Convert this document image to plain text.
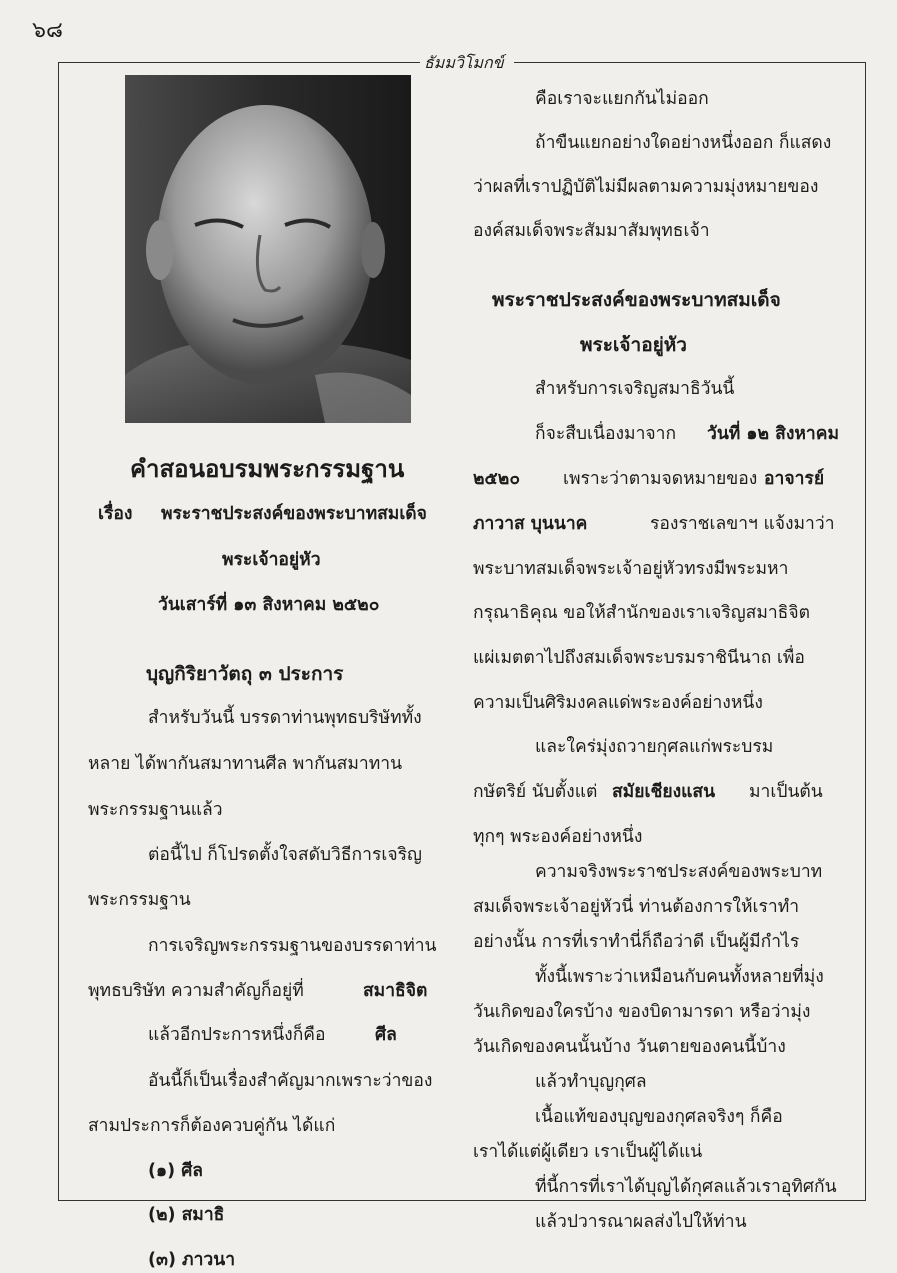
๖๘
ธัมมวิโมกข์
คำสอนอบรมพระกรรมฐาน
เรื่อง พระราชประสงค์ของพระบาทสมเด็จ
พระเจ้าอยู่หัว
วันเสาร์ที่ ๑๓ สิงหาคม ๒๕๒๐
บุญกิริยาวัตถุ ๓ ประการ
สำหรับวันนี้ บรรดาท่านพุทธบริษัททั้ง
หลาย ได้พากันสมาทานศีล พากันสมาทาน
พระกรรมฐานแล้ว
ต่อนี้ไป ก็โปรดตั้งใจสดับวิธีการเจริญ
พระกรรมฐาน
การเจริญพระกรรมฐานของบรรดาท่าน
พุทธบริษัท ความสำคัญก็อยู่ที่	สมาธิจิต
แล้วอีกประการหนึ่งก็คือ	ศีล
อันนี้ก็เป็นเรื่องสำคัญมากเพราะว่าของ
สามประการก็ต้องควบคู่กัน ได้แก่
(๑) ศีล
(๒) สมาธิ
(๓) ภาวนา
คือเราจะแยกกันไม่ออก
ถ้าขืนแยกอย่างใดอย่างหนึ่งออก ก็แสดง
ว่าผลที่เราปฏิบัติไม่มีผลตามความมุ่งหมายของ
องค์สมเด็จพระสัมมาสัมพุทธเจ้า
พระราชประสงค์ของพระบาทสมเด็จ
พระเจ้าอยู่หัว
สำหรับการเจริญสมาธิวันนี้
ก็จะสืบเนื่องมาจาก วันที่ ๑๒ สิงหาคม
๒๕๒๐ เพราะว่าตามจดหมายของ อาจารย์
ภาวาส บุนนาค	รองราชเลขาฯ แจ้งมาว่า
พระบาทสมเด็จพระเจ้าอยู่หัวทรงมีพระมหา
กรุณาธิคุณ ขอให้สำนักของเราเจริญสมาธิจิต
แผ่เมตตาไปถึงสมเด็จพระบรมราชินีนาถ เพื่อ
ความเป็นศิริมงคลแด่พระองค์อย่างหนึ่ง
และใคร่มุ่งถวายกุศลแก่พระบรม
กษัตริย์ นับตั้งแต่ สมัยเชียงแสน มาเป็นต้น
ทุกๆ พระองค์อย่างหนึ่ง
ความจริงพระราชประสงค์ของพระบาท
สมเด็จพระเจ้าอยู่หัวนี่ ท่านต้องการให้เราทำ
อย่างนั้น การที่เราทำนี่ก็ถือว่าดี เป็นผู้มีกำไร
ทั้งนี้เพราะว่าเหมือนกับคนทั้งหลายที่มุ่ง
วันเกิดของใครบ้าง ของบิดามารดา หรือว่ามุ่ง
วันเกิดของคนนั้นบ้าง วันตายของคนนี้บ้าง
แล้วทำบุญกุศล
เนื้อแท้ของบุญของกุศลจริงๆ ก็คือ
เราได้แต่ผู้เดียว เราเป็นผู้ได้แน่
ที่นี้การที่เราได้บุญได้กุศลแล้วเราอุทิศกัน
แล้วปวารณาผลส่งไปให้ท่าน
